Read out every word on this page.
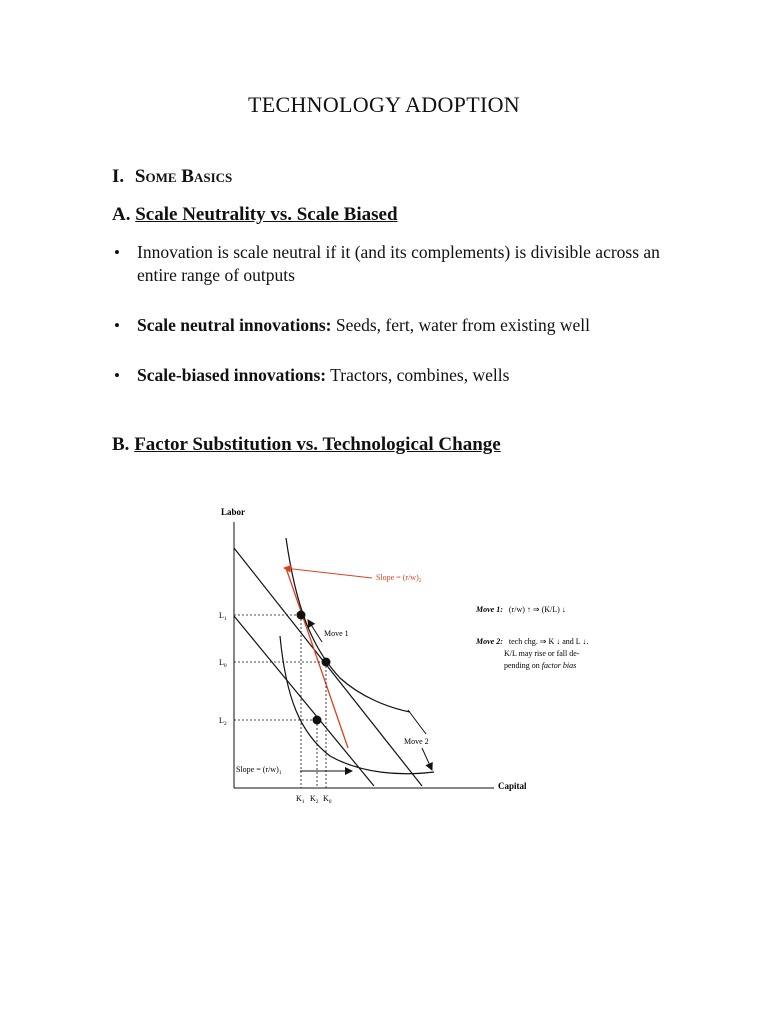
TECHNOLOGY ADOPTION
I. Some Basics
A. Scale Neutrality vs. Scale Biased
• Innovation is scale neutral if it (and its complements) is divisible across an entire range of outputs
• Scale neutral innovations: Seeds, fert, water from existing well
• Scale-biased innovations: Tractors, combines, wells
B. Factor Substitution vs. Technological Change
Labor
Capital
$L_1$
$L_0$
$L_2$
$K_1$ $K_2$ $K_0$
Slope = $(r/w)_2$
Move 1
Move 2
Slope = $(r/w)_1$
Move 1: (r/w) ↑ ⇒ (K/L) ↓
Move 2: tech chg. ⇒ K ↓ and L ↓.
K/L may rise or fall de-
pending on factor bias
